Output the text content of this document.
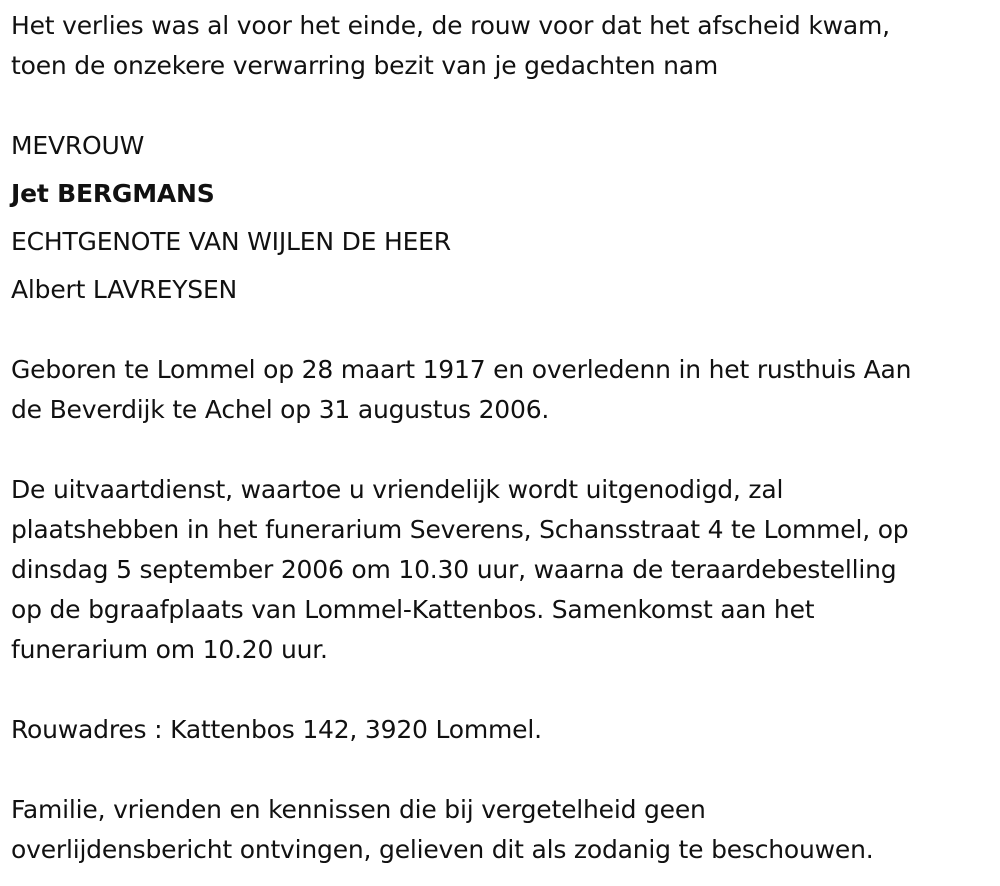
Het verlies was al voor het einde, de rouw voor dat het afscheid kwam,
toen de onzekere verwarring bezit van je gedachten nam
MEVROUW
Jet BERGMANS
ECHTGENOTE VAN WIJLEN DE HEER
Albert LAVREYSEN
Geboren te Lommel op 28 maart 1917 en overledenn in het rusthuis Aan
de Beverdijk te Achel op 31 augustus 2006.
De uitvaartdienst, waartoe u vriendelijk wordt uitgenodigd, zal
plaatshebben in het funerarium Severens, Schansstraat 4 te Lommel, op
dinsdag 5 september 2006 om 10.30 uur, waarna de teraardebestelling
op de bgraafplaats van Lommel-Kattenbos. Samenkomst aan het
funerarium om 10.20 uur.
Rouwadres : Kattenbos 142, 3920 Lommel.
Familie, vrienden en kennissen die bij vergetelheid geen
overlijdensbericht ontvingen, gelieven dit als zodanig te beschouwen.
